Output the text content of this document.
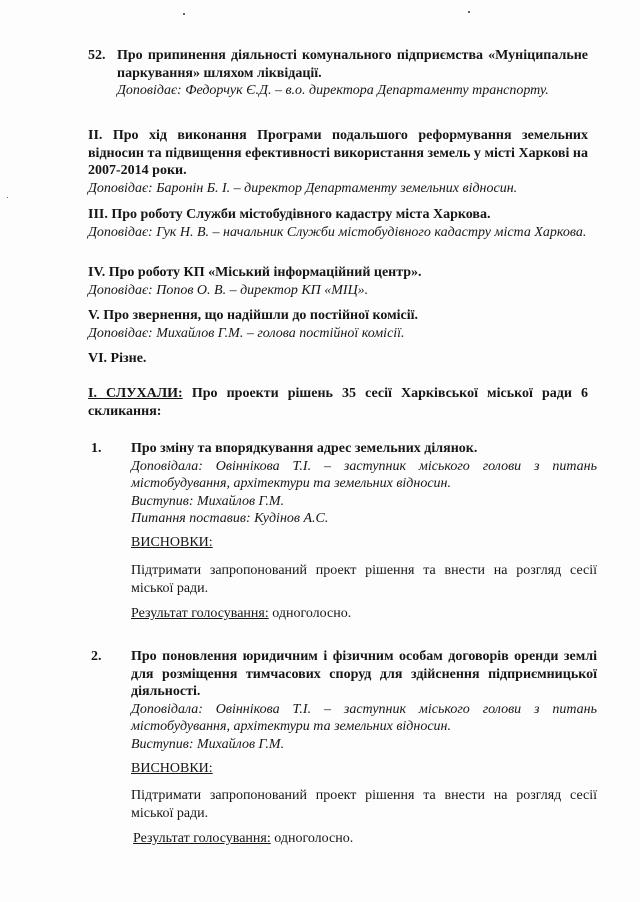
52. Про припинення діяльності комунального підприємства «Муніципальне паркування» шляхом ліквідації.

Доповідає: Федорчук Є.Д. – в.о. директора Департаменту транспорту.

II. Про хід виконання Програми подальшого реформування земельних відносин та підвищення ефективності використання земель у місті Харкові на 2007-2014 роки.

Доповідає: Баронін Б. І. – директор Департаменту земельних відносин.

III. Про роботу Служби містобудівного кадастру міста Харкова.

Доповідає: Гук Н. В. – начальник Служби містобудівного кадастру міста Харкова.

IV. Про роботу КП «Міський інформаційний центр».

Доповідає: Попов О. В. – директор КП «МІЦ».

V. Про звернення, що надійшли до постійної комісії.

Доповідає: Михайлов Г.М. – голова постійної комісії.

VI. Різне.

I. СЛУХАЛИ: Про проекти рішень 35 сесії Харківської міської ради 6 скликання:
1. Про зміну та впорядкування адрес земельних ділянок.

Доповідала: Овіннікова Т.І. – заступник міського голови з питань містобудування, архітектури та земельних відносин.

Виступив: Михайлов Г.М.

Питання поставив: Кудінов А.С.

ВИСНОВКИ:
Підтримати запропонований проект рішення та внести на розгляд сесії міської ради.
Результат голосування: одноголосно.
2. Про поновлення юридичним і фізичним особам договорів оренди землі для розміщення тимчасових споруд для здійснення підприємницької діяльності.

Доповідала: Овіннікова Т.І. – заступник міського голови з питань містобудування, архітектури та земельних відносин.

Виступив: Михайлов Г.М.

ВИСНОВКИ:
Підтримати запропонований проект рішення та внести на розгляд сесії міської ради.
Результат голосування: одноголосно.
